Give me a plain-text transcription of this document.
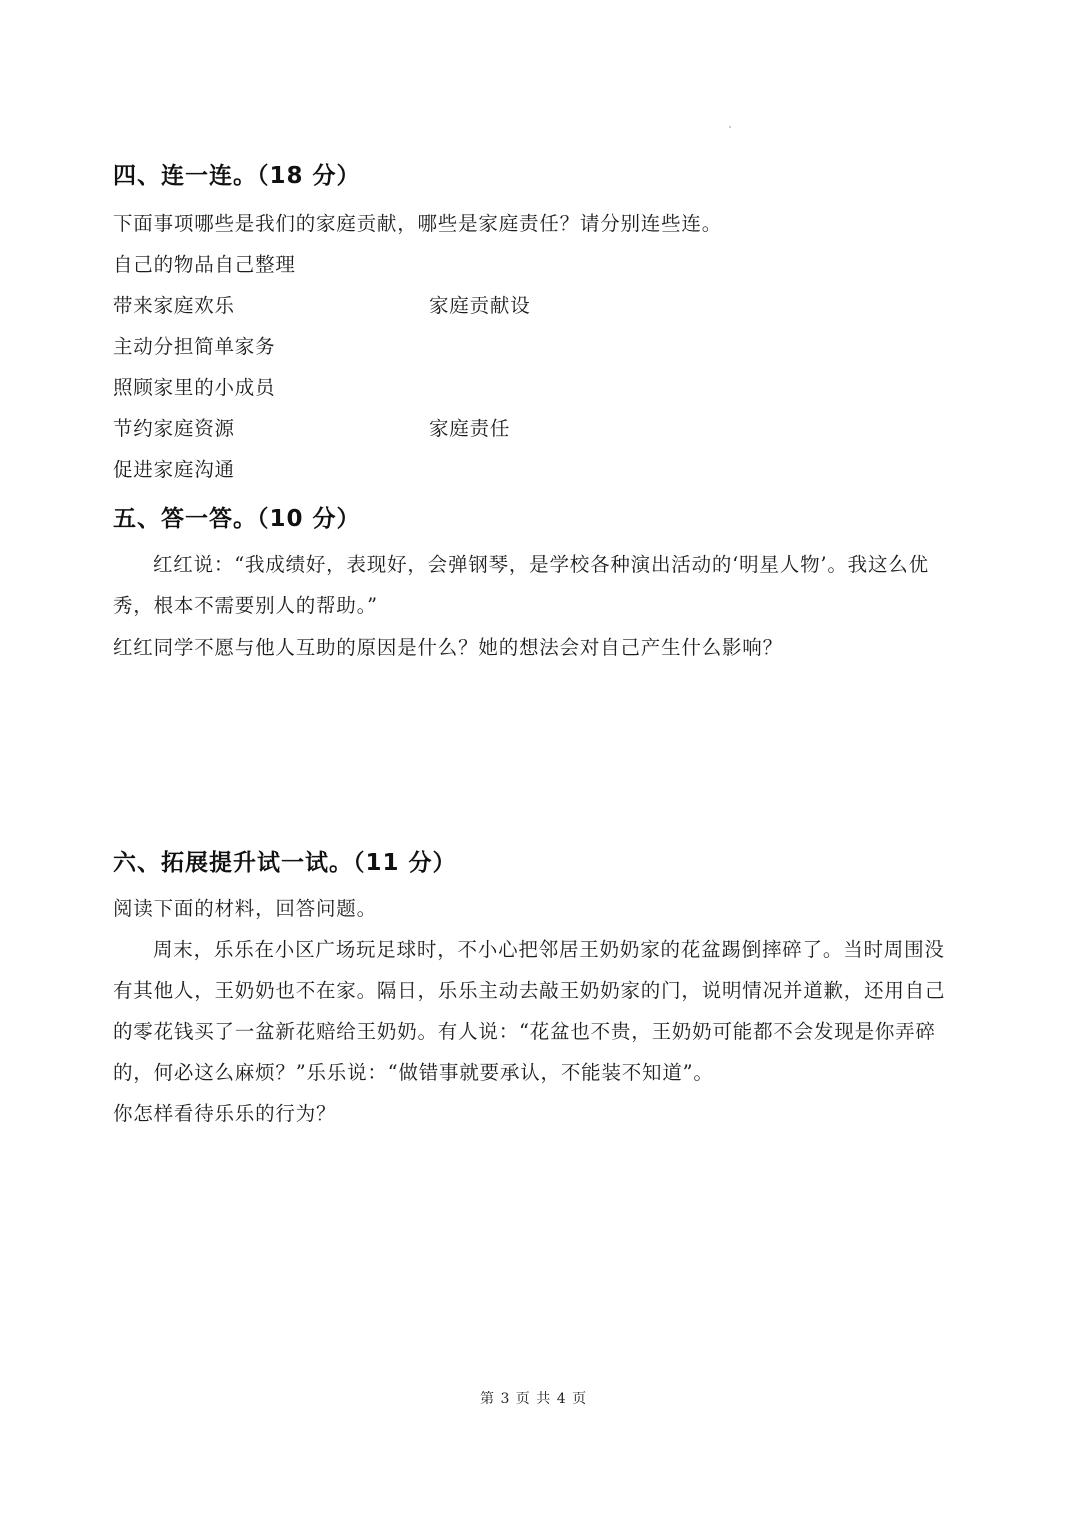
四、连一连。（18 分）
下面事项哪些是我们的家庭贡献，哪些是家庭责任？请分别连些连。
自己的物品自己整理
带来家庭欢乐
主动分担简单家务
照顾家里的小成员
节约家庭资源
促进家庭沟通
家庭贡献设
家庭责任
五、答一答。（10 分）
红红说：“我成绩好，表现好，会弹钢琴，是学校各种演出活动的‘明星人物’。我这么优
秀，根本不需要别人的帮助。”
红红同学不愿与他人互助的原因是什么？她的想法会对自己产生什么影响？
六、拓展提升试一试。（11 分）
阅读下面的材料，回答问题。
周末，乐乐在小区广场玩足球时，不小心把邻居王奶奶家的花盆踢倒摔碎了。当时周围没
有其他人，王奶奶也不在家。隔日，乐乐主动去敲王奶奶家的门，说明情况并道歉，还用自己
的零花钱买了一盆新花赔给王奶奶。有人说：“花盆也不贵，王奶奶可能都不会发现是你弄碎
的，何必这么麻烦？”乐乐说：“做错事就要承认，不能装不知道”。
你怎样看待乐乐的行为？
第 3 页 共 4 页
